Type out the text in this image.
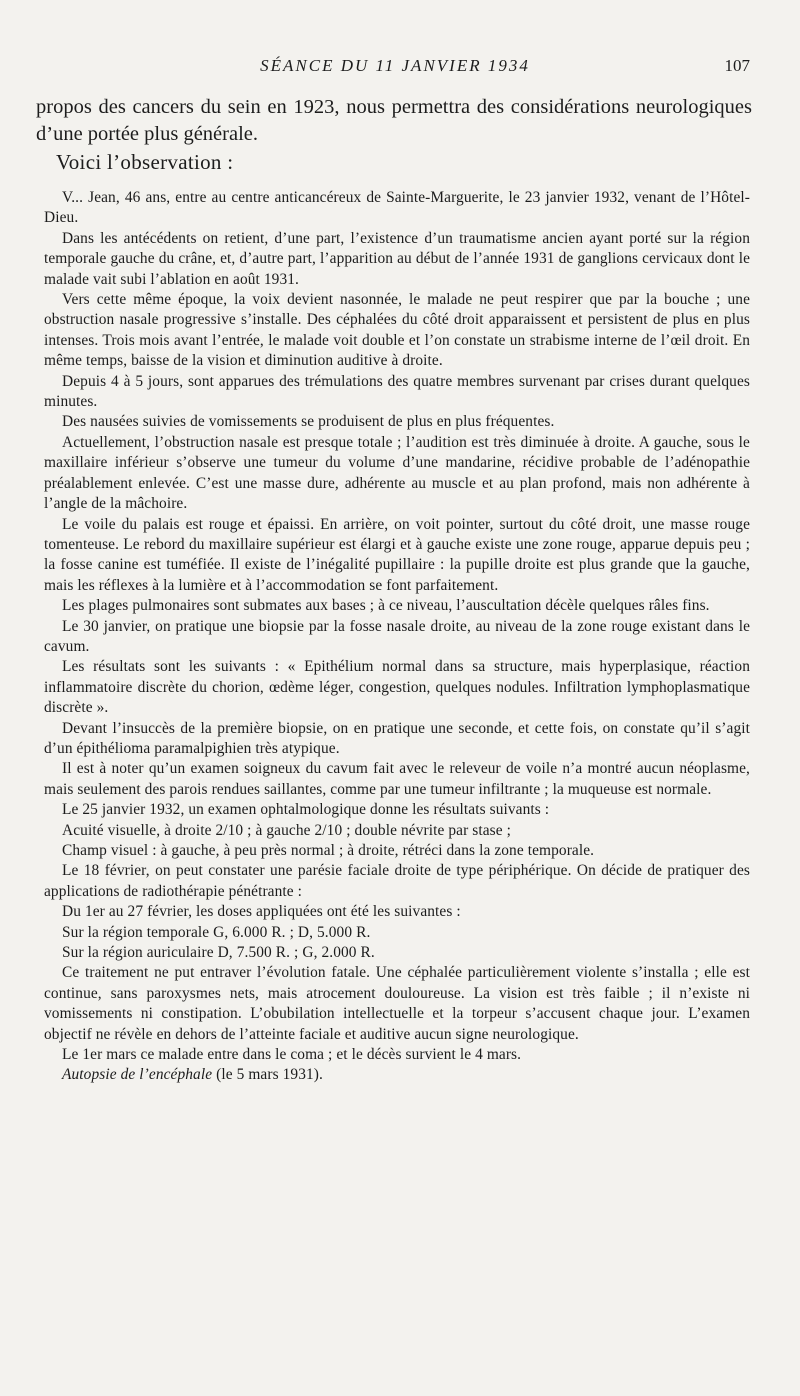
SÉANCE DU 11 JANVIER 1934	107

propos des cancers du sein en 1923, nous permettra des considérations neurologiques d’une portée plus générale.

Voici l’observation :

V... Jean, 46 ans, entre au centre anticancéreux de Sainte-Marguerite, le 23 janvier 1932, venant de l’Hôtel-Dieu.

Dans les antécédents on retient, d’une part, l’existence d’un traumatisme ancien ayant porté sur la région temporale gauche du crâne, et, d’autre part, l’apparition au début de l’année 1931 de ganglions cervicaux dont le malade vait subi l’ablation en août 1931.

Vers cette même époque, la voix devient nasonnée, le malade ne peut respirer que par la bouche ; une obstruction nasale progressive s’installe. Des céphalées du côté droit apparaissent et persistent de plus en plus intenses. Trois mois avant l’entrée, le malade voit double et l’on constate un strabisme interne de l’œil droit. En même temps, baisse de la vision et diminution auditive à droite.

Depuis 4 à 5 jours, sont apparues des trémulations des quatre membres survenant par crises durant quelques minutes.

Des nausées suivies de vomissements se produisent de plus en plus fréquentes.

Actuellement, l’obstruction nasale est presque totale ; l’audition est très diminuée à droite. A gauche, sous le maxillaire inférieur s’observe une tumeur du volume d’une mandarine, récidive probable de l’adénopathie préalablement enlevée. C’est une masse dure, adhérente au muscle et au plan profond, mais non adhérente à l’angle de la mâchoire.

Le voile du palais est rouge et épaissi. En arrière, on voit pointer, surtout du côté droit, une masse rouge tomenteuse. Le rebord du maxillaire supérieur est élargi et à gauche existe une zone rouge, apparue depuis peu ; la fosse canine est tuméfiée. Il existe de l’inégalité pupillaire : la pupille droite est plus grande que la gauche, mais les réflexes à la lumière et à l’accommodation se font parfaitement.

Les plages pulmonaires sont submates aux bases ; à ce niveau, l’auscultation décèle quelques râles fins.

Le 30 janvier, on pratique une biopsie par la fosse nasale droite, au niveau de la zone rouge existant dans le cavum.

Les résultats sont les suivants : « Epithélium normal dans sa structure, mais hyperplasique, réaction inflammatoire discrète du chorion, œdème léger, congestion, quelques nodules. Infiltration lymphoplasmatique discrète ».

Devant l’insuccès de la première biopsie, on en pratique une seconde, et cette fois, on constate qu’il s’agit d’un épithélioma paramalpighien très atypique.

Il est à noter qu’un examen soigneux du cavum fait avec le releveur de voile n’a montré aucun néoplasme, mais seulement des parois rendues saillantes, comme par une tumeur infiltrante ; la muqueuse est normale.

Le 25 janvier 1932, un examen ophtalmologique donne les résultats suivants :

Acuité visuelle, à droite 2/10 ; à gauche 2/10 ; double névrite par stase ;

Champ visuel : à gauche, à peu près normal ; à droite, rétréci dans la zone temporale.

Le 18 février, on peut constater une parésie faciale droite de type périphérique. On décide de pratiquer des applications de radiothérapie pénétrante :

Du 1er au 27 février, les doses appliquées ont été les suivantes :

Sur la région temporale G, 6.000 R. ; D, 5.000 R.

Sur la région auriculaire D, 7.500 R. ; G, 2.000 R.

Ce traitement ne put entraver l’évolution fatale. Une céphalée particulièrement violente s’installa ; elle est continue, sans paroxysmes nets, mais atrocement douloureuse. La vision est très faible ; il n’existe ni vomissements ni constipation. L’obubilation intellectuelle et la torpeur s’accusent chaque jour. L’examen objectif ne révèle en dehors de l’atteinte faciale et auditive aucun signe neurologique.

Le 1er mars ce malade entre dans le coma ; et le décès survient le 4 mars.

Autopsie de l’encéphale (le 5 mars 1931).
